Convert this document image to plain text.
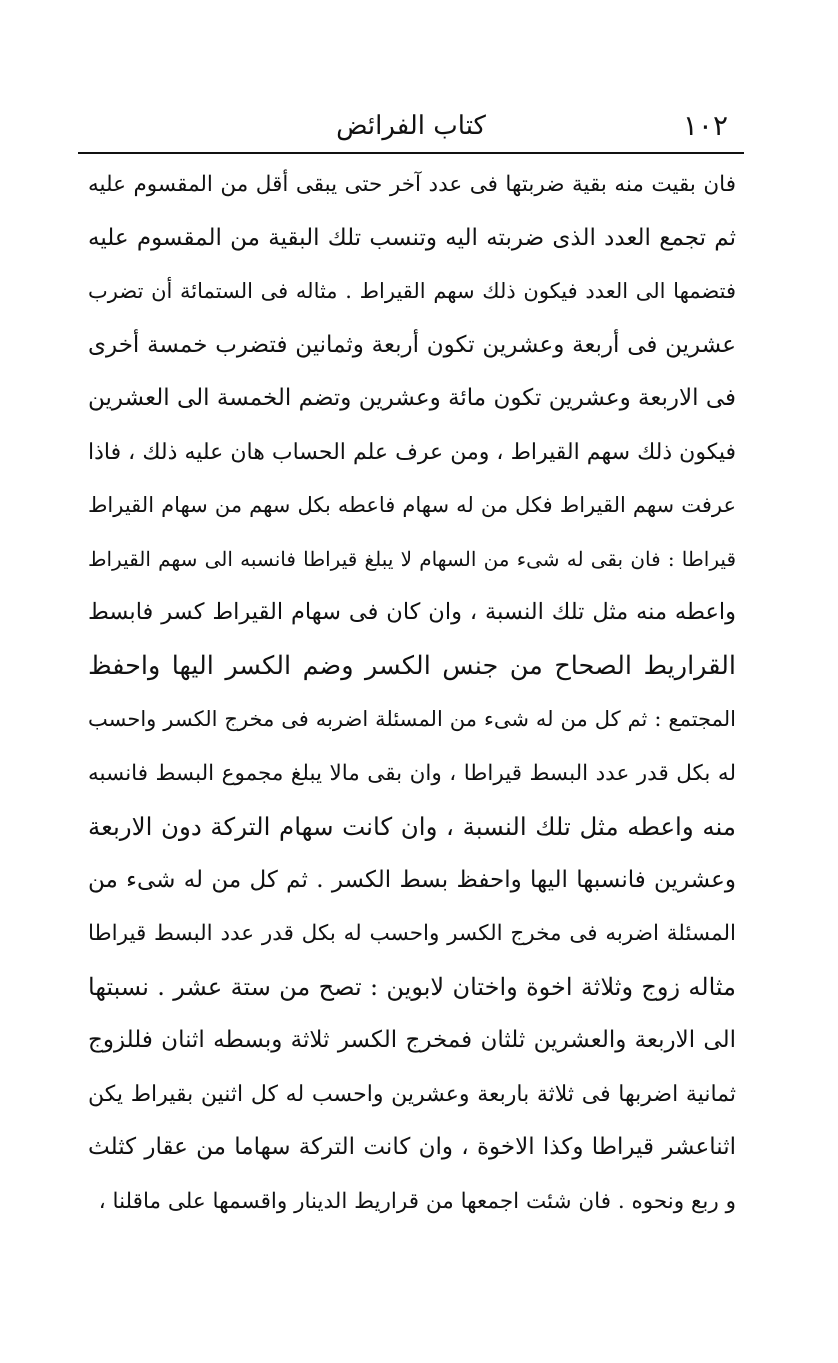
١٠٢
كتاب الفرائض
فان بقيت منه بقية ضربتها فى عدد آخر حتى يبقى أقل من المقسوم عليه
ثم تجمع العدد الذى ضربته اليه وتنسب تلك البقية من المقسوم عليه
فتضمها الى العدد فيكون ذلك سهم القيراط . مثاله فى الستمائة أن تضرب
عشرين فى أربعة وعشرين تكون أربعة وثمانين فتضرب خمسة أخرى
فى الاربعة وعشرين تكون مائة وعشرين وتضم الخمسة الى العشرين
فيكون ذلك سهم القيراط ، ومن عرف علم الحساب هان عليه ذلك ، فاذا
عرفت سهم القيراط فكل من له سهام فاعطه بكل سهم من سهام القيراط
قيراطا : فان بقى له شىء من السهام لا يبلغ قيراطا فانسبه الى سهم القيراط
واعطه منه مثل تلك النسبة ، وان كان فى سهام القيراط كسر فابسط
القراريط الصحاح من جنس الكسر وضم الكسر اليها واحفظ
المجتمع : ثم كل من له شىء من المسئلة اضربه فى مخرج الكسر واحسب
له بكل قدر عدد البسط قيراطا ، وان بقى مالا يبلغ مجموع البسط فانسبه
منه واعطه مثل تلك النسبة ، وان كانت سهام التركة دون الاربعة
وعشرين فانسبها اليها واحفظ بسط الكسر . ثم كل من له شىء من
المسئلة اضربه فى مخرج الكسر واحسب له بكل قدر عدد البسط قيراطا
مثاله زوج وثلاثة اخوة واختان لابوين : تصح من ستة عشر . نسبتها
الى الاربعة والعشرين ثلثان فمخرج الكسر ثلاثة وبسطه اثنان فللزوج
ثمانية اضربها فى ثلاثة باربعة وعشرين واحسب له كل اثنين بقيراط يكن
اثناعشر قيراطا وكذا الاخوة ، وان كانت التركة سهاما من عقار كثلث
و ربع ونحوه . فان شئت اجمعها من قراريط الدينار واقسمها على ماقلنا ،
